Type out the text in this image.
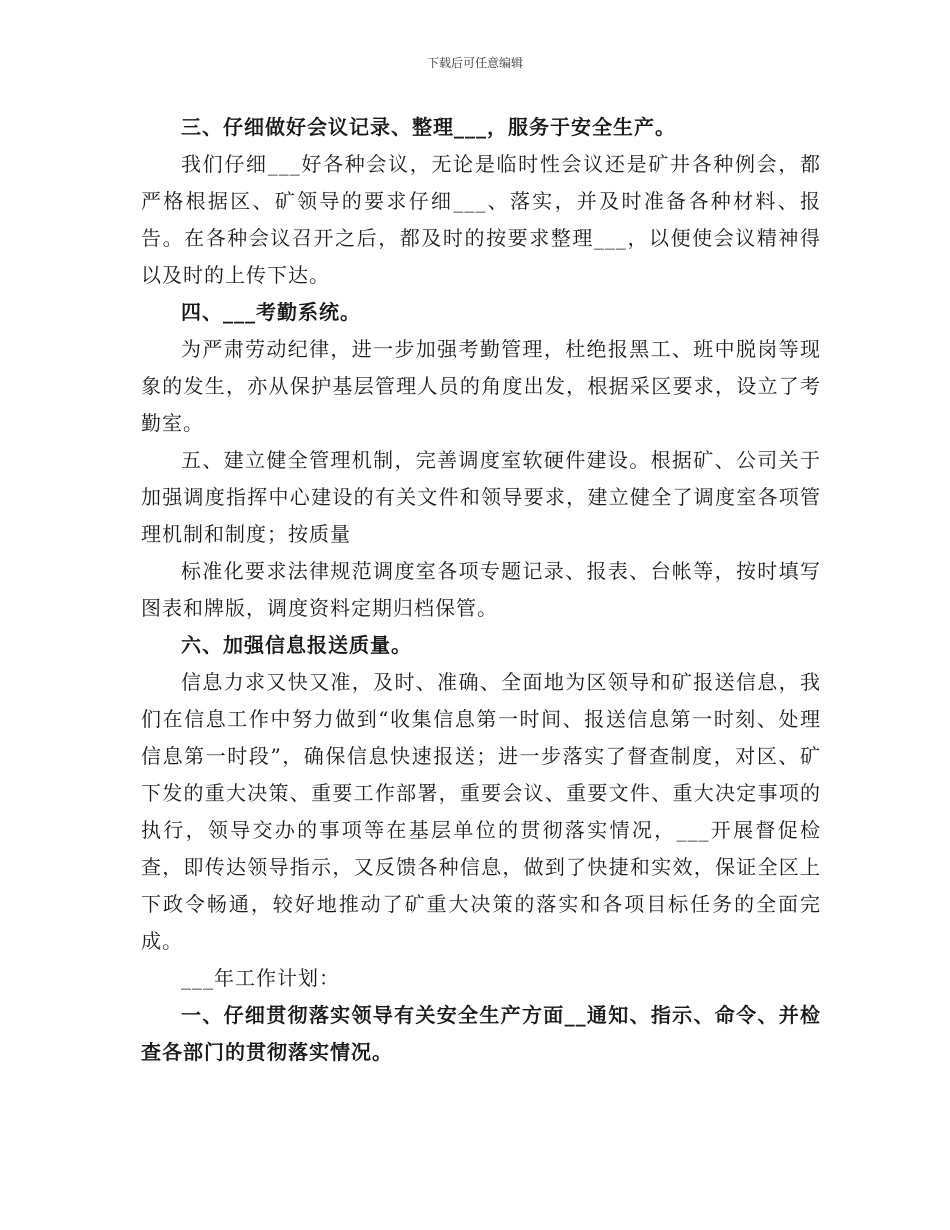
下载后可任意编辑

三、仔细做好会议记录、整理___，服务于安全生产。

我们仔细___好各种会议，无论是临时性会议还是矿井各种例会，都严格根据区、矿领导的要求仔细___、落实，并及时准备各种材料、报告。在各种会议召开之后，都及时的按要求整理___，以便使会议精神得以及时的上传下达。

四、___考勤系统。

为严肃劳动纪律，进一步加强考勤管理，杜绝报黑工、班中脱岗等现象的发生，亦从保护基层管理人员的角度出发，根据采区要求，设立了考勤室。

五、建立健全管理机制，完善调度室软硬件建设。根据矿、公司关于加强调度指挥中心建设的有关文件和领导要求，建立健全了调度室各项管理机制和制度；按质量

标准化要求法律规范调度室各项专题记录、报表、台帐等，按时填写图表和牌版，调度资料定期归档保管。

六、加强信息报送质量。

信息力求又快又准，及时、准确、全面地为区领导和矿报送信息，我们在信息工作中努力做到“收集信息第一时间、报送信息第一时刻、处理信息第一时段”，确保信息快速报送；进一步落实了督查制度，对区、矿下发的重大决策、重要工作部署，重要会议、重要文件、重大决定事项的执行，领导交办的事项等在基层单位的贯彻落实情况，___开展督促检查，即传达领导指示，又反馈各种信息，做到了快捷和实效，保证全区上下政令畅通，较好地推动了矿重大决策的落实和各项目标任务的全面完成。

___年工作计划：

一、仔细贯彻落实领导有关安全生产方面__通知、指示、命令、并检查各部门的贯彻落实情况。
